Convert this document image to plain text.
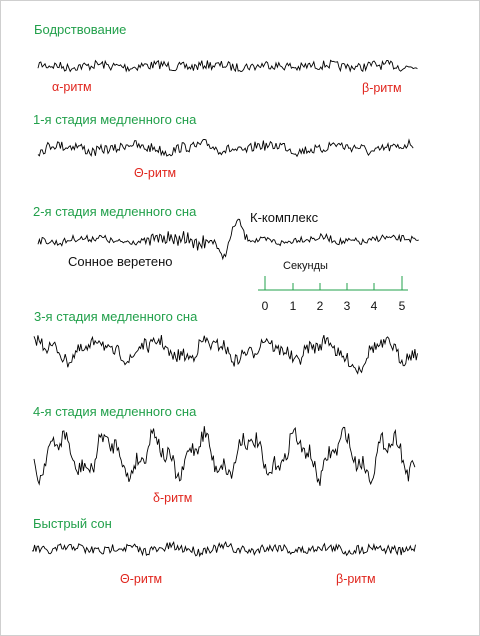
Бодрствование
1-я стадия медленного сна
2-я стадия медленного сна
3-я стадия медленного сна
4-я стадия медленного сна
Быстрый сон
α-ритм	β-ритм
Θ-ритм
Сонное веретено
К-комплекс
δ-ритм
Θ-ритм	β-ритм
Секунды
0	1	2	3	4	5
